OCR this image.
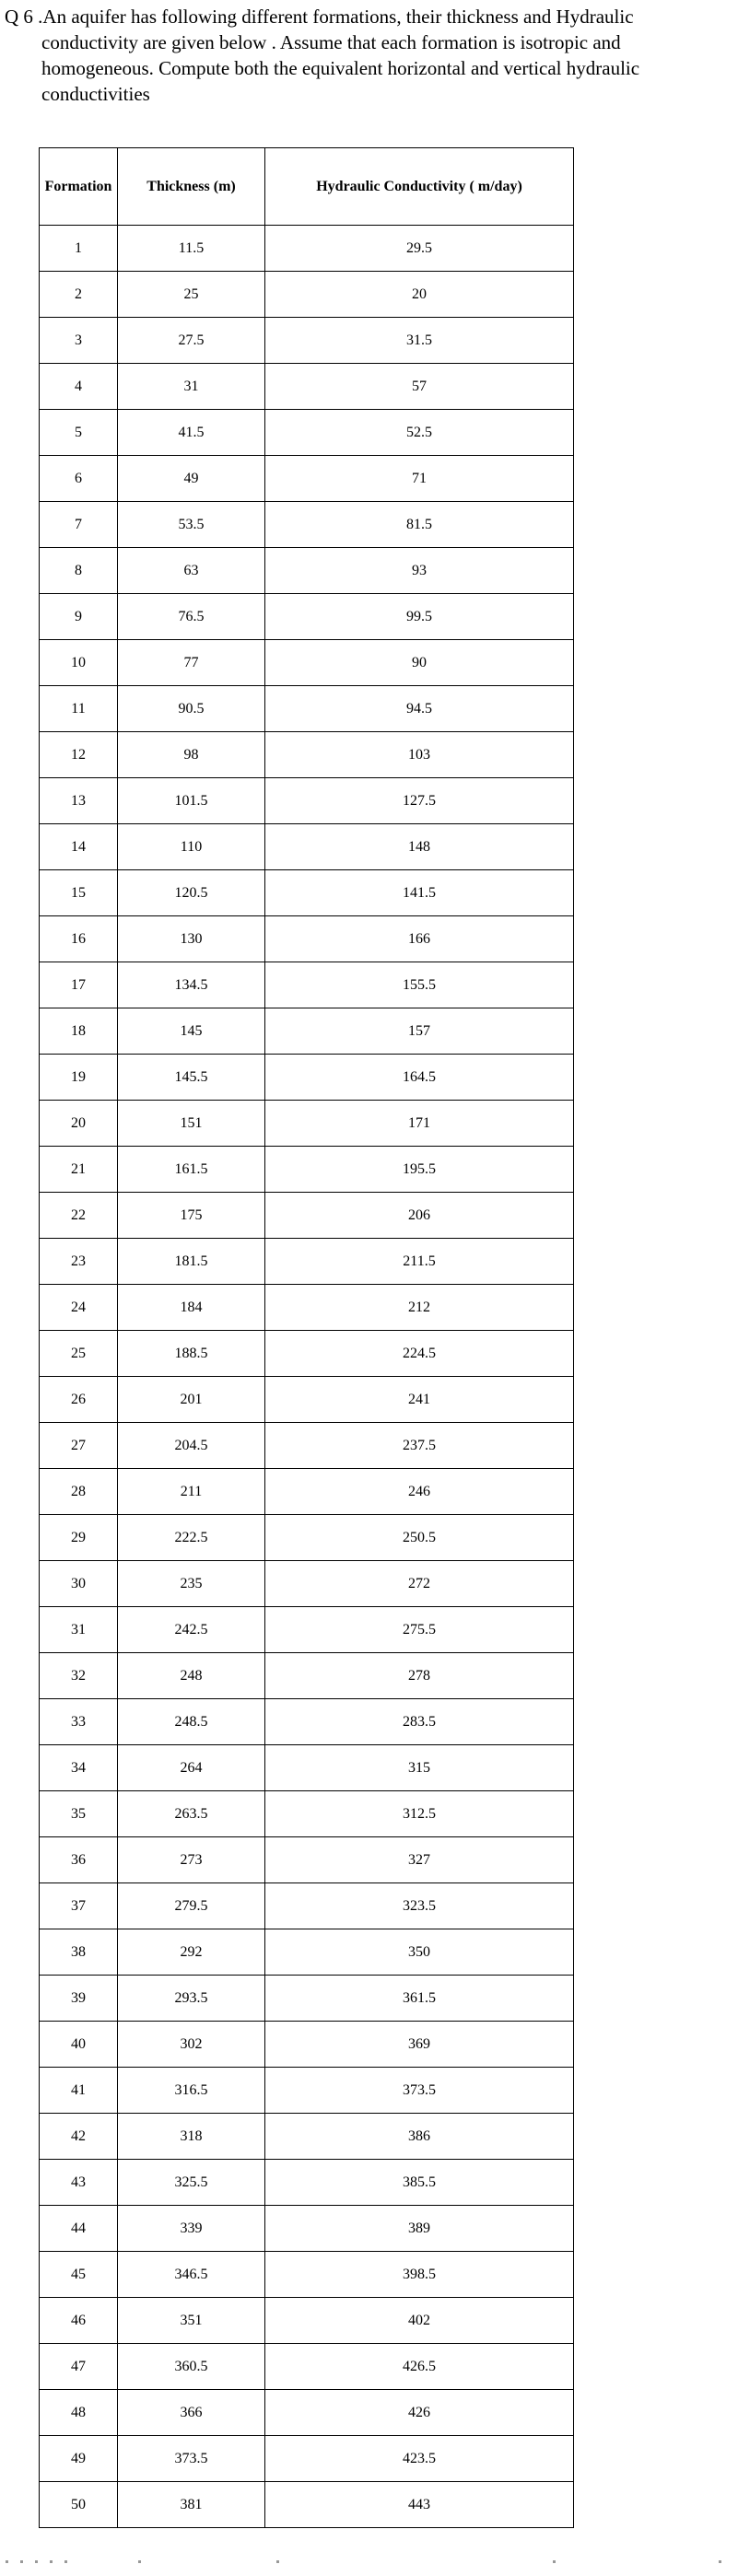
Q 6 .An aquifer has following different formations, their thickness and Hydraulic conductivity are given below . Assume that each formation is isotropic and homogeneous. Compute both the equivalent horizontal and vertical hydraulic conductivities
Formation	Thickness (m)	Hydraulic Conductivity ( m/day)
1	11.5	29.5
2	25	20
3	27.5	31.5
4	31	57
5	41.5	52.5
6	49	71
7	53.5	81.5
8	63	93
9	76.5	99.5
10	77	90
11	90.5	94.5
12	98	103
13	101.5	127.5
14	110	148
15	120.5	141.5
16	130	166
17	134.5	155.5
18	145	157
19	145.5	164.5
20	151	171
21	161.5	195.5
22	175	206
23	181.5	211.5
24	184	212
25	188.5	224.5
26	201	241
27	204.5	237.5
28	211	246
29	222.5	250.5
30	235	272
31	242.5	275.5
32	248	278
33	248.5	283.5
34	264	315
35	263.5	312.5
36	273	327
37	279.5	323.5
38	292	350
39	293.5	361.5
40	302	369
41	316.5	373.5
42	318	386
43	325.5	385.5
44	339	389
45	346.5	398.5
46	351	402
47	360.5	426.5
48	366	426
49	373.5	423.5
50	381	443
